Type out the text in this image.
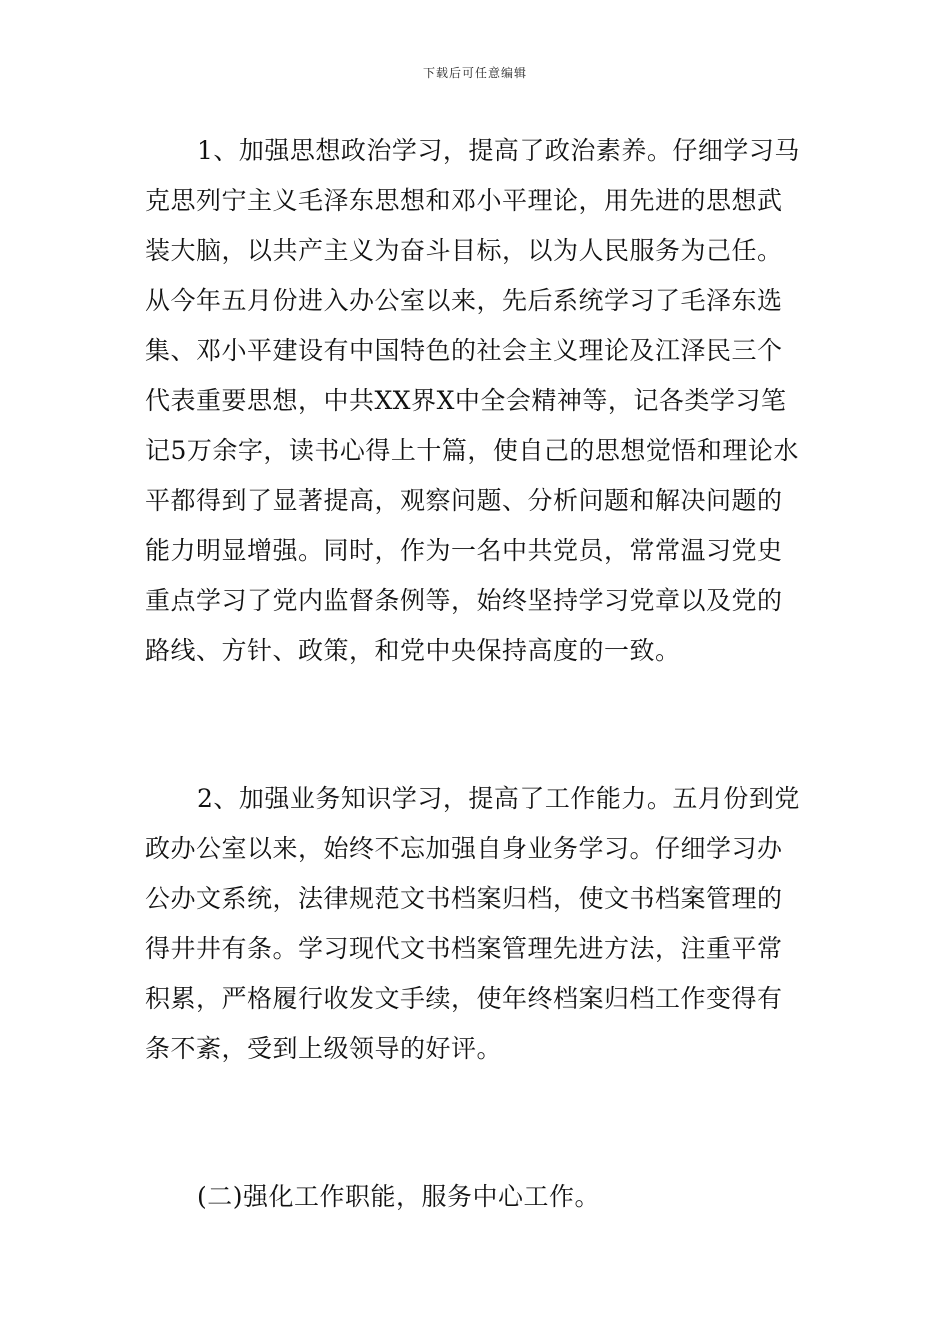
下载后可任意编辑
1、加强思想政治学习，提高了政治素养。仔细学习马
克思列宁主义毛泽东思想和邓小平理论，用先进的思想武
装大脑，以共产主义为奋斗目标，以为人民服务为己任。
从今年五月份进入办公室以来，先后系统学习了毛泽东选
集、邓小平建设有中国特色的社会主义理论及江泽民三个
代表重要思想，中共XX界X中全会精神等，记各类学习笔
记5万余字，读书心得上十篇，使自己的思想觉悟和理论水
平都得到了显著提高，观察问题、分析问题和解决问题的
能力明显增强。同时，作为一名中共党员，常常温习党史
重点学习了党内监督条例等，始终坚持学习党章以及党的
路线、方针、政策，和党中央保持高度的一致。
2、加强业务知识学习，提高了工作能力。五月份到党
政办公室以来，始终不忘加强自身业务学习。仔细学习办
公办文系统，法律规范文书档案归档，使文书档案管理的
得井井有条。学习现代文书档案管理先进方法，注重平常
积累，严格履行收发文手续，使年终档案归档工作变得有
条不紊，受到上级领导的好评。
(二)强化工作职能，服务中心工作。
